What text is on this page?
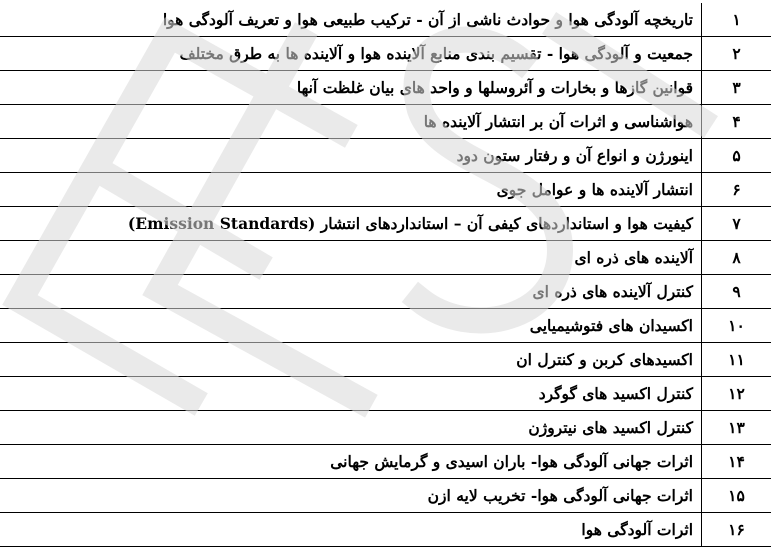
۱	تاریخچه آلودگی هوا و حوادث ناشی از آن - ترکیب طبیعی هوا و تعریف آلودگی هوا
۲	جمعیت و آلودگی هوا - تقسیم بندی منابع آلاینده هوا و آلاینده ها به طرق مختلف
۳	قوانین گازها و بخارات و آئروسلها و واحد های بیان غلظت آنها
۴	هواشناسی و اثرات آن بر انتشار آلاینده ها
۵	اینورژن و انواع آن و رفتار ستون دود
۶	انتشار آلاینده ها و عوامل جوی
۷	کیفیت هوا و استانداردهای کیفی آن – استانداردهای انتشار (Emission Standards)
۸	آلاینده های ذره ای
۹	کنترل آلاینده های ذره ای
۱۰	اکسیدان های فتوشیمیایی
۱۱	اکسیدهای کربن و کنترل ان
۱۲	کنترل اکسید های گوگرد
۱۳	کنترل اکسید های نیتروژن
۱۴	اثرات جهانی آلودگی هوا- باران اسیدی و گرمایش جهانی
۱۵	اثرات جهانی آلودگی هوا- تخریب لایه ازن
۱۶	اثرات آلودگی هوا
